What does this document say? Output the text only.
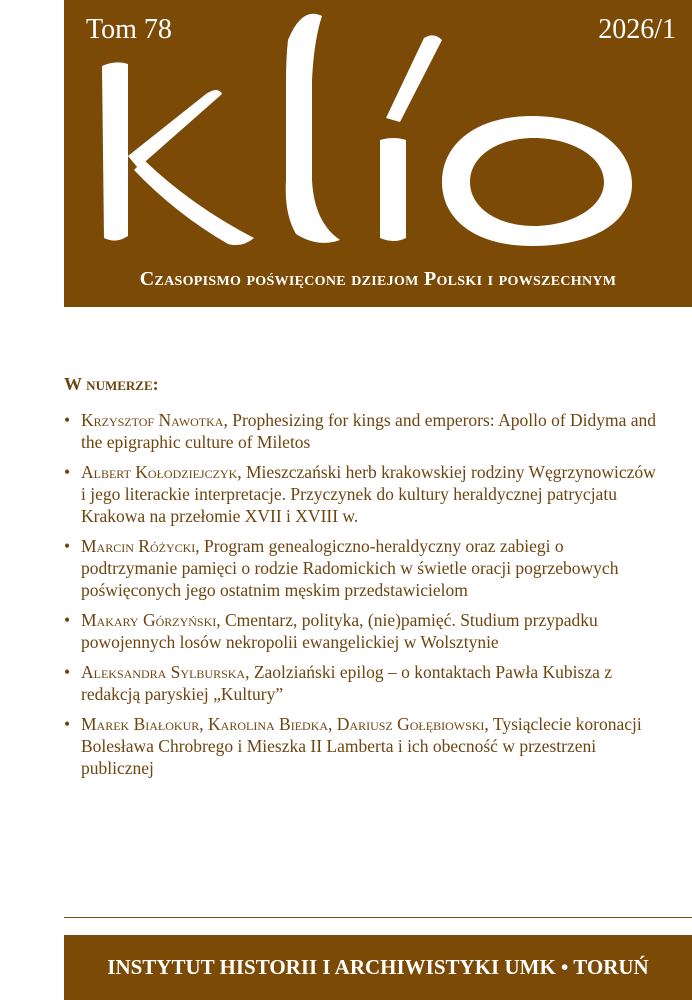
Tom 78	2026/1
Czasopismo poświęcone dziejom Polski i powszechnym
W numerze:
• Krzysztof Nawotka, Prophesizing for kings and emperors: Apollo of Didyma and the epigraphic culture of Miletos
• Albert Kołodziejczyk, Mieszczański herb krakowskiej rodziny Węgrzynowiczów i jego literackie interpretacje. Przyczynek do kultury heraldycznej patrycjatu Krakowa na przełomie XVII i XVIII w.
• Marcin Różycki, Program genealogiczno-heraldyczny oraz zabiegi o podtrzymanie pamięci o rodzie Radomickich w świetle oracji pogrzebowych poświęconych jego ostatnim męskim przedstawicielom
• Makary Górzyński, Cmentarz, polityka, (nie)pamięć. Studium przypadku powojennych losów nekropolii ewangelickiej w Wolsztynie
• Aleksandra Sylburska, Zaolziański epilog – o kontaktach Pawła Kubisza z redakcją paryskiej „Kultury”
• Marek Białokur, Karolina Biedka, Dariusz Gołębiowski, Tysiąclecie koronacji Bolesława Chrobrego i Mieszka II Lamberta i ich obecność w przestrzeni publicznej
INSTYTUT HISTORII I ARCHIWISTYKI UMK • TORUŃ
